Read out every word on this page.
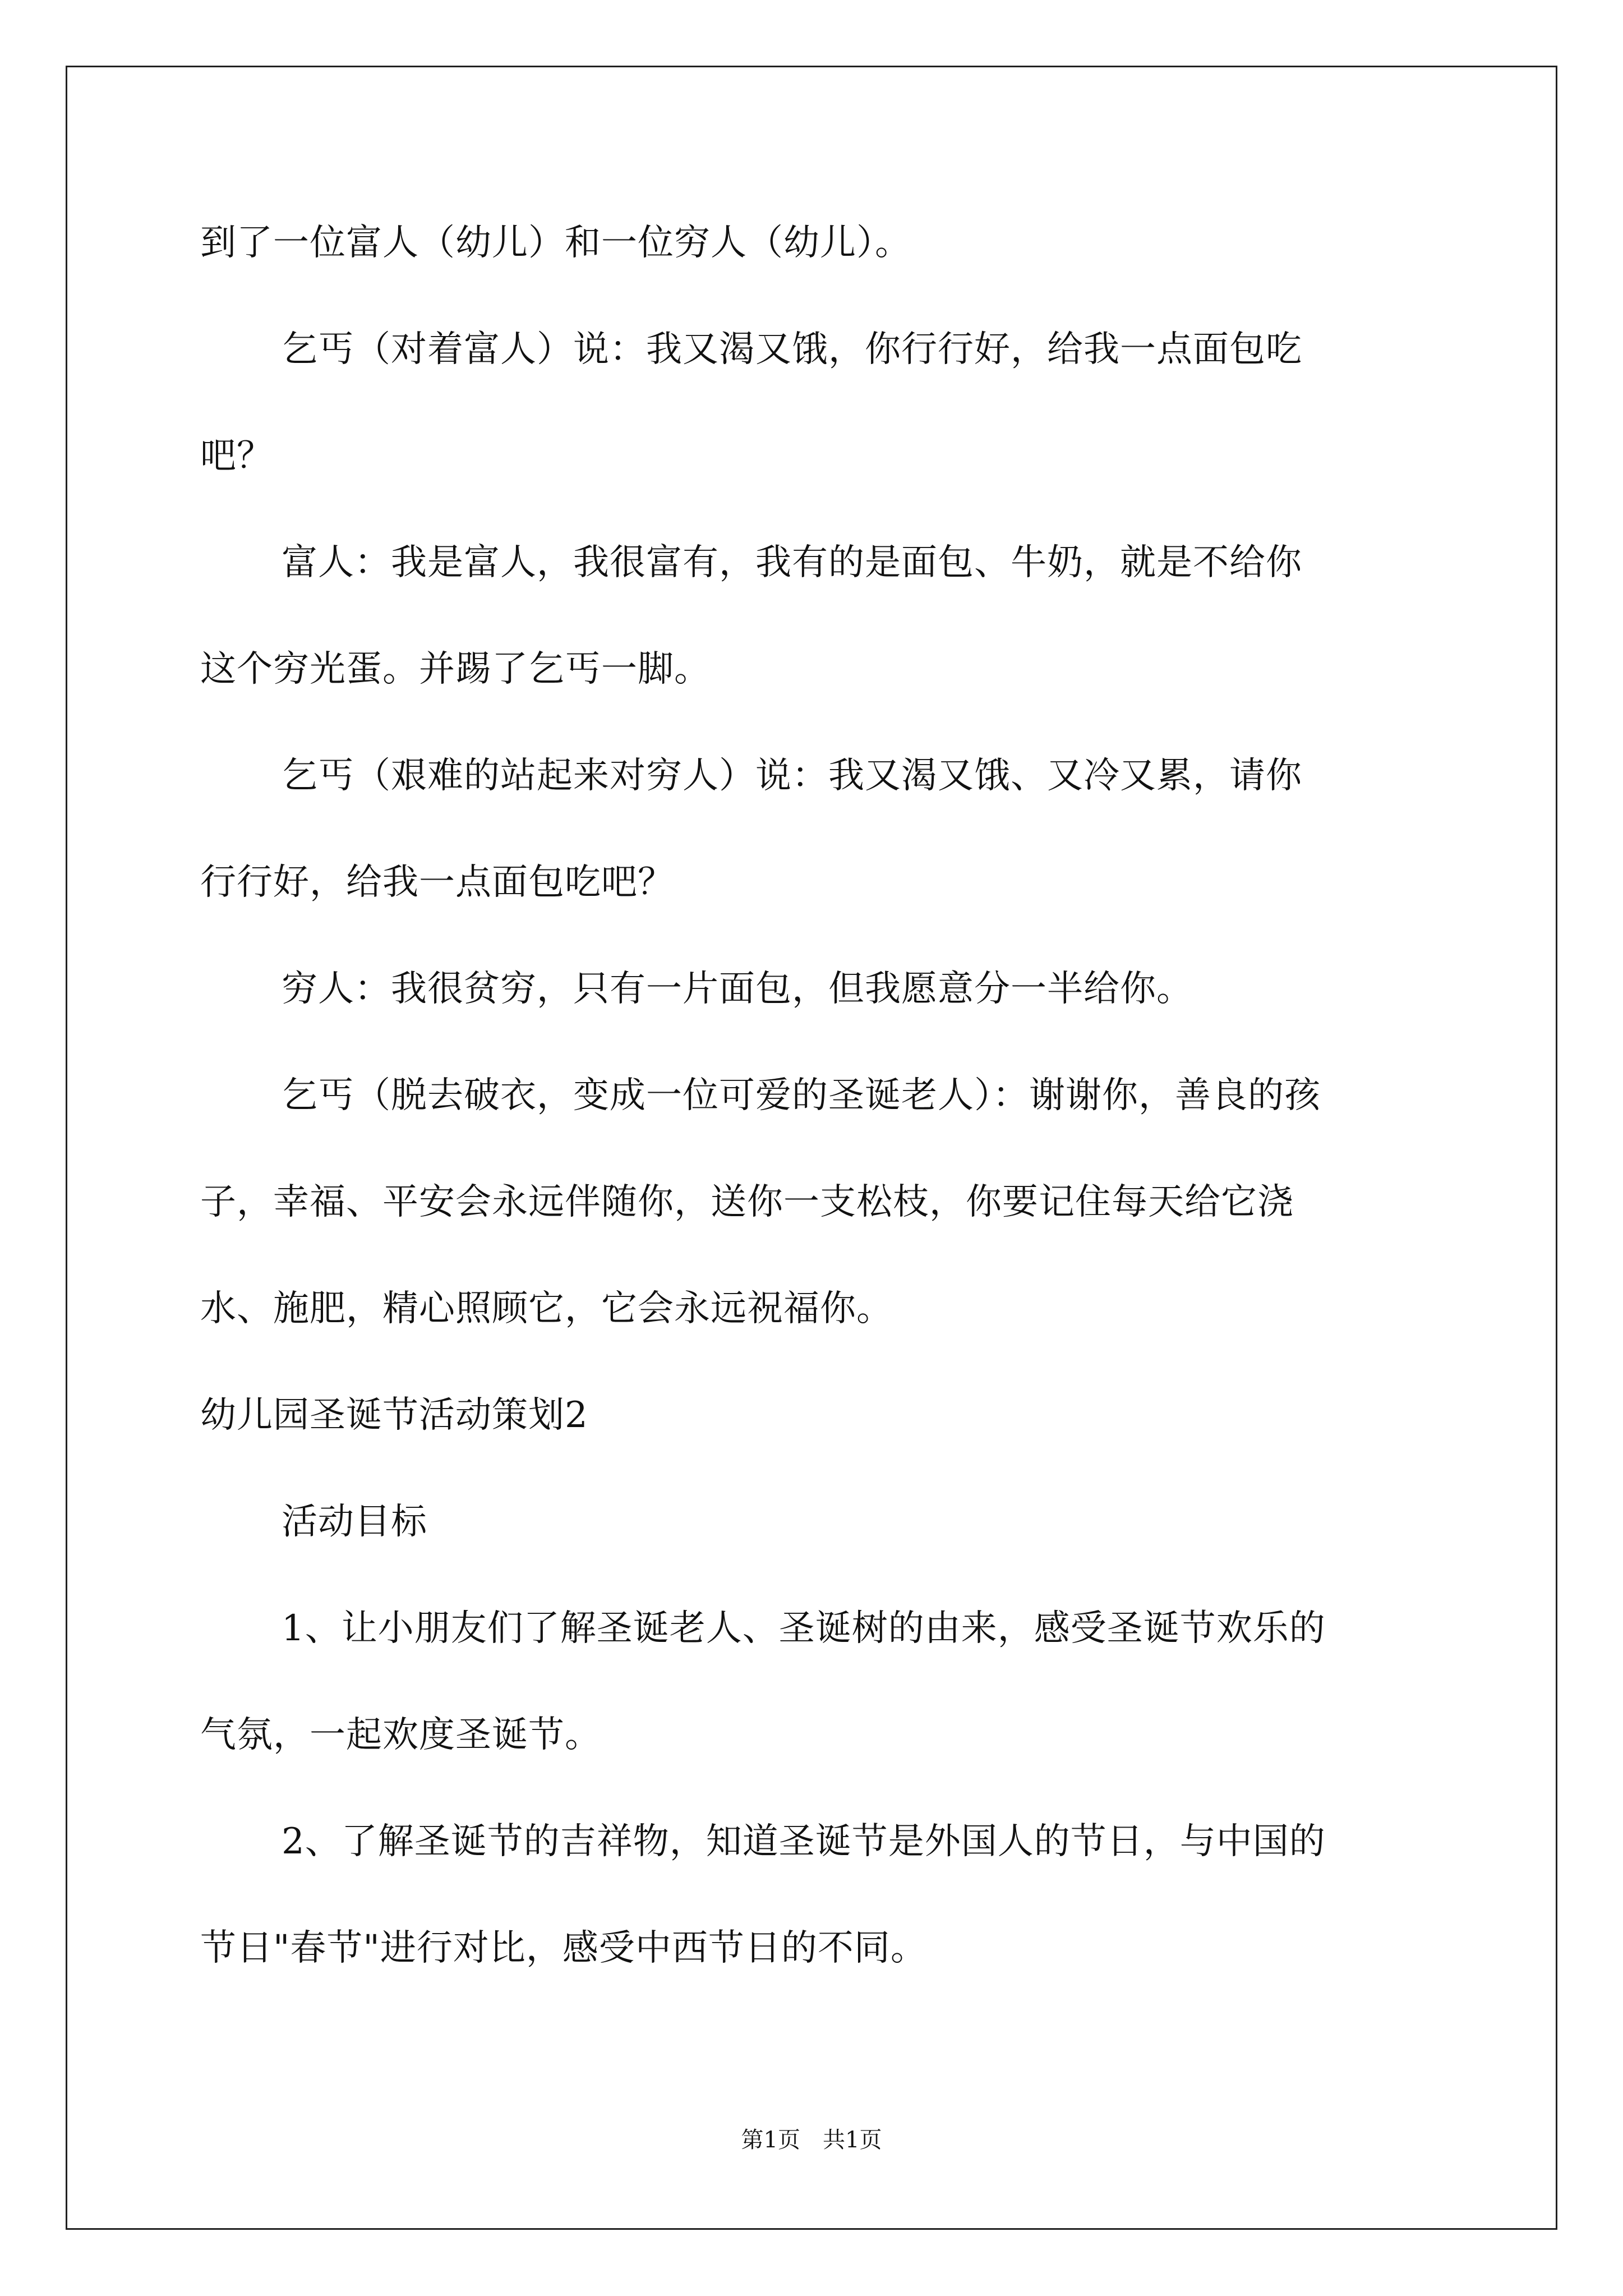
到了一位富人（幼儿）和一位穷人（幼儿）。
乞丐（对着富人）说：我又渴又饿，你行行好，给我一点面包吃
吧？
富人：我是富人，我很富有，我有的是面包、牛奶，就是不给你
这个穷光蛋。并踢了乞丐一脚。
乞丐（艰难的站起来对穷人）说：我又渴又饿、又冷又累，请你
行行好，给我一点面包吃吧？
穷人：我很贫穷，只有一片面包，但我愿意分一半给你。
乞丐（脱去破衣，变成一位可爱的圣诞老人）：谢谢你，善良的孩
子，幸福、平安会永远伴随你，送你一支松枝，你要记住每天给它浇
水、施肥，精心照顾它，它会永远祝福你。
幼儿园圣诞节活动策划2
活动目标
1、让小朋友们了解圣诞老人、圣诞树的由来，感受圣诞节欢乐的
气氛，一起欢度圣诞节。
2、了解圣诞节的吉祥物，知道圣诞节是外国人的节日，与中国的
节日"春节"进行对比，感受中西节日的不同。
第1页　共1页
